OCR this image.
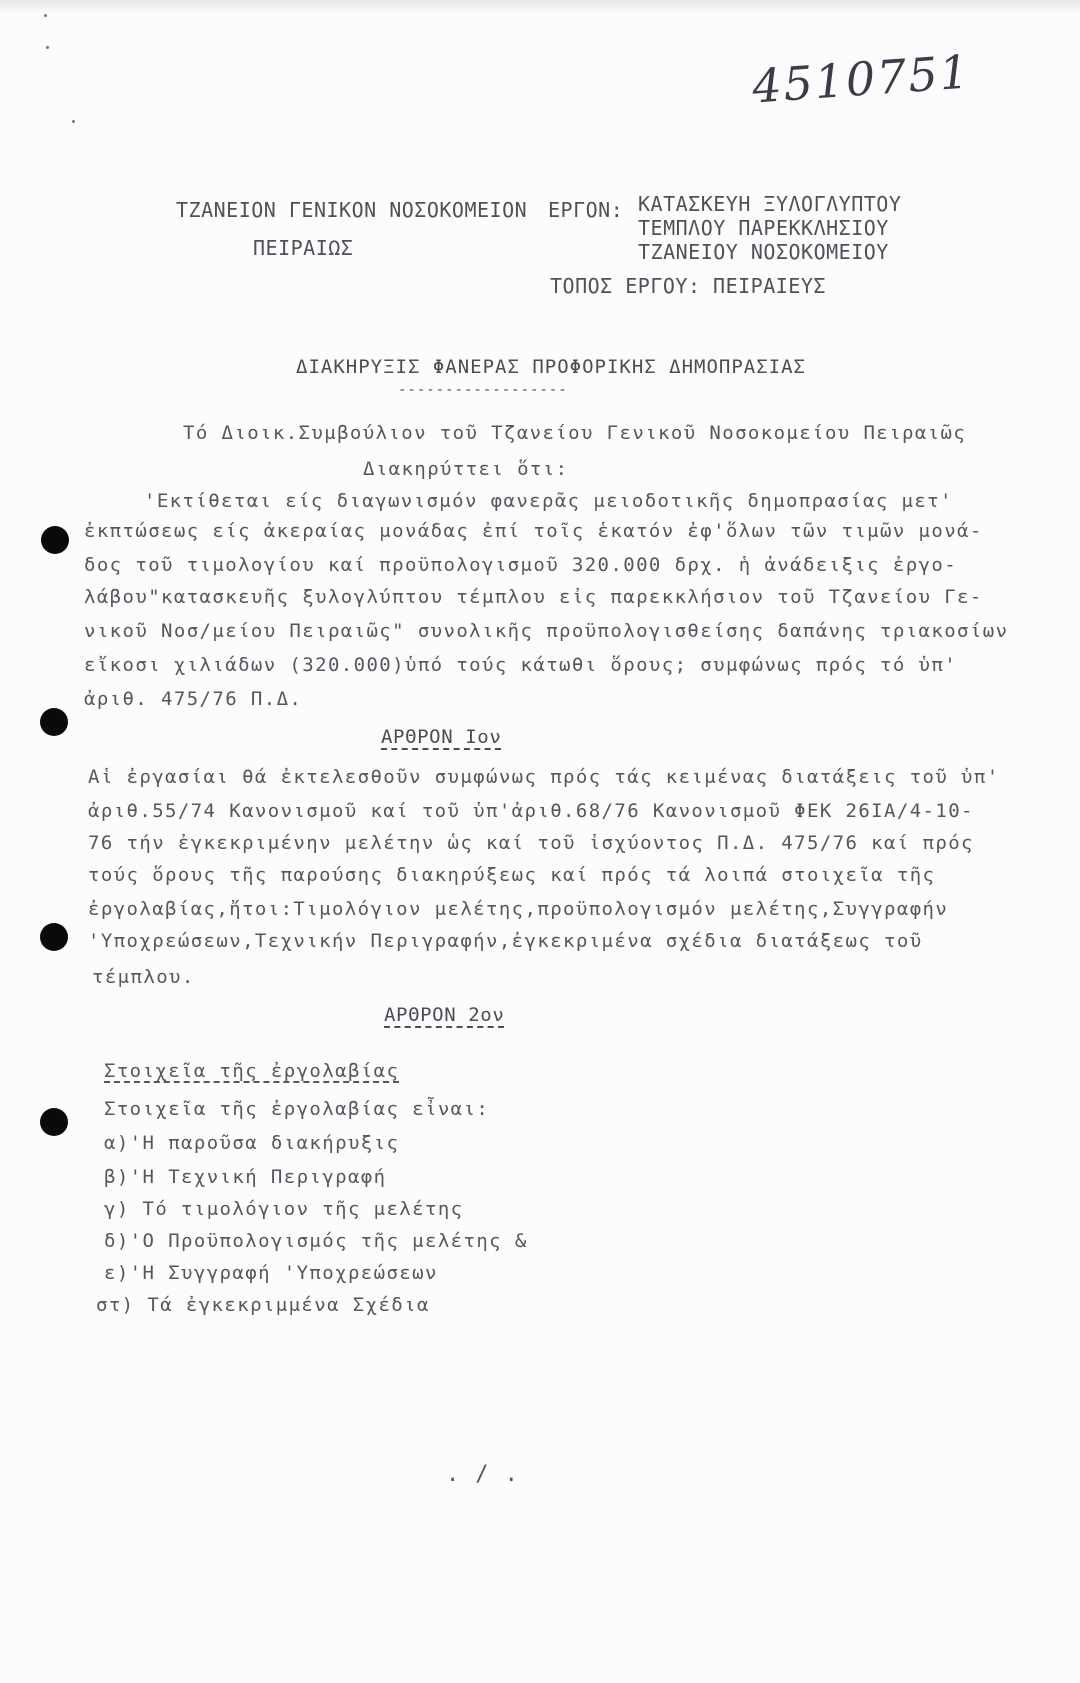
4510751
ΤΖΑΝΕΙΟΝ ΓΕΝΙΚΟΝ ΝΟΣΟΚΟΜΕΙΟΝ
ΠΕΙΡΑΙΩΣ
ΕΡΓΟΝ: ΚΑΤΑΣΚΕΥΗ ΞΥΛΟΓΛΥΠΤΟΥ
ΤΕΜΠΛΟΥ ΠΑΡΕΚΚΛΗΣΙΟΥ
ΤΖΑΝΕΙΟΥ ΝΟΣΟΚΟΜΕΙΟΥ
ΤΟΠΟΣ ΕΡΓΟΥ: ΠΕΙΡΑΙΕΥΣ
ΔΙΑΚΗΡΥΞΙΣ ΦΑΝΕΡΑΣ ΠΡΟΦΟΡΙΚΗΣ ΔΗΜΟΠΡΑΣΙΑΣ
------------------
Τό Διοικ.Συμβούλιον τοῦ Τζανείου Γενικοῦ Νοσοκομείου Πειραιῶς
Διακηρύττει ὅτι:
'Εκτίθεται είς διαγωνισμόν φανερᾶς μειοδοτικῆς δημοπρασίας μετ'
ἐκπτώσεως είς ἀκεραίας μονάδας ἐπί τοῖς ἑκατόν ἐφ'ὅλων τῶν τιμῶν μονά-
δος τοῦ τιμολογίου καί προϋπολογισμοῦ 320.000 δρχ. ἡ ἀνάδειξις ἐργο-
λάβου"κατασκευῆς ξυλογλύπτου τέμπλου εἰς παρεκκλήσιον τοῦ Τζανείου Γε-
νικοῦ Νοσ/μείου Πειραιῶς" συνολικῆς προϋπολογισθείσης δαπάνης τριακοσίων
εἴκοσι χιλιάδων (320.000)ὑπό τούς κάτωθι ὅρους; συμφώνως πρός τό ὑπ'
ἀριθ. 475/76 Π.Δ.
ΑΡΘΡΟΝ Ιον
Αἱ ἐργασίαι θά ἐκτελεσθοῦν συμφώνως πρός τάς κειμένας διατάξεις τοῦ ὑπ'
ἀριθ.55/74 Κανονισμοῦ καί τοῦ ὑπ'ἀριθ.68/76 Κανονισμοῦ ΦΕΚ 26ΙΑ/4-10-
76 τήν ἐγκεκριμένην μελέτην ὡς καί τοῦ ἰσχύοντος Π.Δ. 475/76 καί πρός
τούς ὅρους τῆς παρούσης διακηρύξεως καί πρός τά λοιπά στοιχεῖα τῆς
ἐργολαβίας,ἤτοι:Τιμολόγιον μελέτης,προϋπολογισμόν μελέτης,Συγγραφήν
'Υποχρεώσεων,Τεχνικήν Περιγραφήν,ἐγκεκριμένα σχέδια διατάξεως τοῦ
τέμπλου.
ΑΡΘΡΟΝ 2ον
Στοιχεῖα τῆς ἐργολαβίας
Στοιχεῖα τῆς ἐργολαβίας εἶναι:
α)'Η παροῦσα διακήρυξις
β)'Η Τεχνική Περιγραφή
γ) Τό τιμολόγιον τῆς μελέτης
δ)'Ο Προϋπολογισμός τῆς μελέτης &
ε)'Η Συγγραφή 'Υποχρεώσεων
στ) Τά ἐγκεκριμμένα Σχέδια
. / .
